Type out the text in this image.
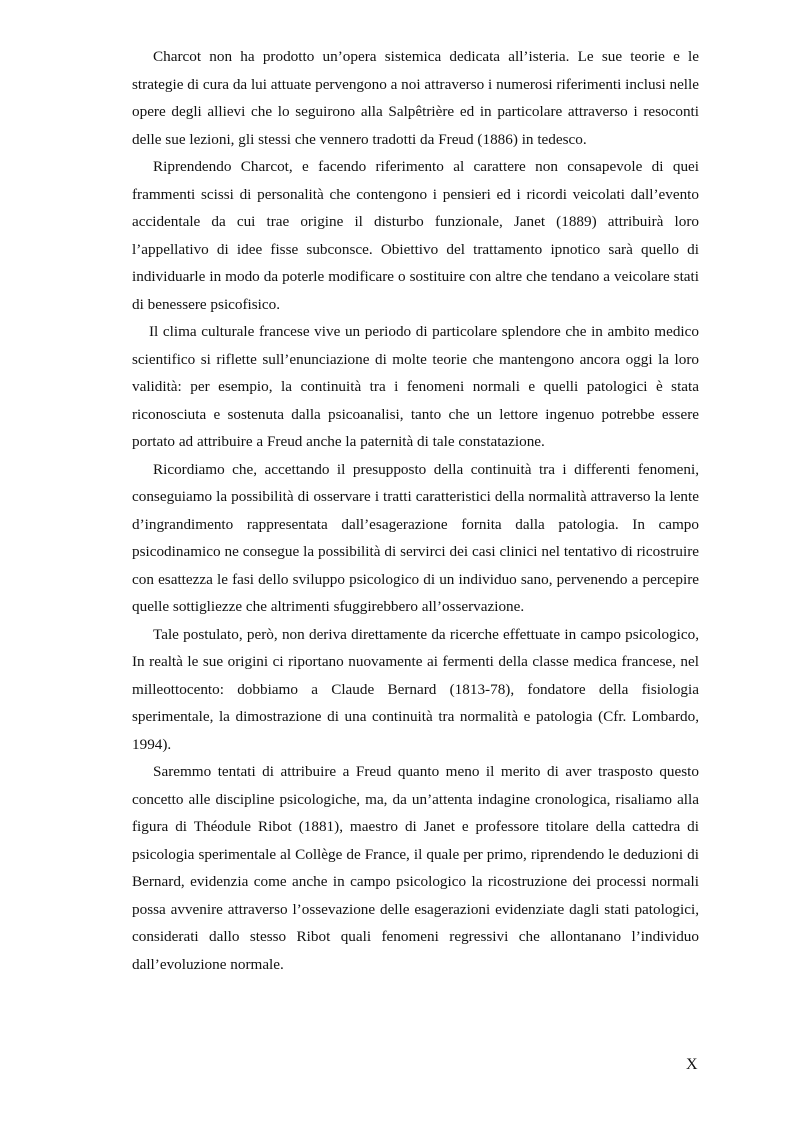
Charcot non ha prodotto un’opera sistemica dedicata all’isteria. Le sue teorie e le strategie di cura da lui attuate pervengono a noi attraverso i numerosi riferimenti inclusi nelle opere degli allievi che lo seguirono alla Salpêtrière ed in particolare attraverso i resoconti delle sue lezioni, gli stessi che vennero tradotti da Freud (1886) in tedesco.

Riprendendo Charcot, e facendo riferimento al carattere non consapevole di quei frammenti scissi di personalità che contengono i pensieri ed i ricordi veicolati dall’evento accidentale da cui trae origine il disturbo funzionale, Janet (1889) attribuirà loro l’appellativo di idee fisse subconsce. Obiettivo del trattamento ipnotico sarà quello di individuarle in modo da poterle modificare o sostituire con altre che tendano a veicolare stati di benessere psicofisico.

Il clima culturale francese vive un periodo di particolare splendore che in ambito medico scientifico si riflette sull’enunciazione di molte teorie che mantengono ancora oggi la loro validità: per esempio, la continuità tra i fenomeni normali e quelli patologici è stata riconosciuta e sostenuta dalla psicoanalisi, tanto che un lettore ingenuo potrebbe essere portato ad attribuire a Freud anche la paternità di tale constatazione.

Ricordiamo che, accettando il presupposto della continuità tra i differenti fenomeni, conseguiamo la possibilità di osservare i tratti caratteristici della normalità attraverso la lente d’ingrandimento rappresentata dall’esagerazione fornita dalla patologia. In campo psicodinamico ne consegue la possibilità di servirci dei casi clinici nel tentativo di ricostruire con esattezza le fasi dello sviluppo psicologico di un individuo sano, pervenendo a percepire quelle sottigliezze che altrimenti sfuggirebbero all’osservazione.

Tale postulato, però, non deriva direttamente da ricerche effettuate in campo psicologico, In realtà le sue origini ci riportano nuovamente ai fermenti della classe medica francese, nel milleottocento: dobbiamo a Claude Bernard (1813-78), fondatore della fisiologia sperimentale, la dimostrazione di una continuità tra normalità e patologia (Cfr. Lombardo, 1994).

Saremmo tentati di attribuire a Freud quanto meno il merito di aver trasposto questo concetto alle discipline psicologiche, ma, da un’attenta indagine cronologica, risaliamo alla figura di Théodule Ribot (1881), maestro di Janet e professore titolare della cattedra di psicologia sperimentale al Collège de France, il quale per primo, riprendendo le deduzioni di Bernard, evidenzia come anche in campo psicologico la ricostruzione dei processi normali possa avvenire attraverso l’ossevazione delle esagerazioni evidenziate dagli stati patologici, considerati dallo stesso Ribot quali fenomeni regressivi che allontanano l’individuo dall’evoluzione normale.

X
